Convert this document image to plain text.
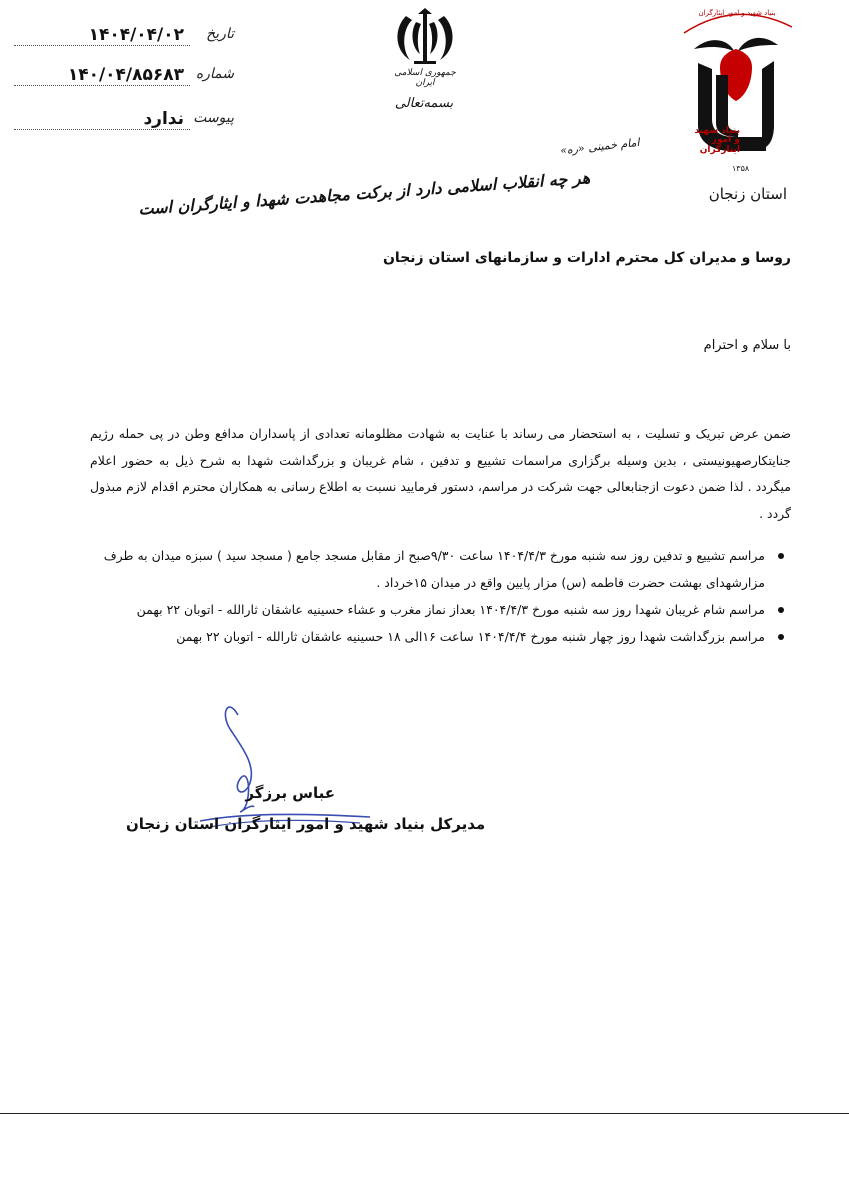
تاریخ
۱۴۰۴/۰۴/۰۲
شماره
۱۴۰/۰۴/۸۵۶۸۳
پیوست
ندارد
جمهوری اسلامی ایران
بسمه‌تعالی
بنیاد شهید و امور ایثارگران
بنیاد شهید و امور ایثارگران
۱۳۵۸
استان زنجان
امام خمینی «ره»
هر چه انقلاب اسلامی دارد از برکت مجاهدت شهدا و ایثارگران است
روسا و مدیران کل محترم ادارات و سازمانهای استان زنجان
با سلام و احترام
ضمن عرض تبریک و تسلیت ، به استحضار می رساند با عنایت به شهادت مظلومانه تعدادی از پاسداران مدافع وطن در پی حمله رژیم جنایتکارصهیونیستی ، بدین وسیله برگزاری مراسمات تشییع و تدفین ، شام غریبان و بزرگداشت شهدا به شرح ذیل به حضور اعلام میگردد . لذا ضمن دعوت ازجنابعالی جهت شرکت در مراسم، دستور فرمایید نسبت به اطلاع رسانی به همکاران محترم اقدام لازم مبذول گردد .
مراسم تشییع و تدفین روز سه شنبه مورخ ۱۴۰۴/۴/۳ ساعت ۹/۳۰صبح از مقابل مسجد جامع ( مسجد سید ) سبزه میدان به طرف مزارشهدای بهشت حضرت فاطمه (س) مزار پایین واقع در میدان ۱۵خرداد .
مراسم شام غریبان شهدا روز سه شنبه مورخ ۱۴۰۴/۴/۳ بعداز نماز مغرب و عشاء حسینیه عاشقان ثارالله - اتوبان ۲۲ بهمن
مراسم بزرگداشت شهدا روز چهار شنبه مورخ ۱۴۰۴/۴/۴ ساعت ۱۶الی ۱۸ حسینیه عاشقان ثارالله - اتوبان ۲۲ بهمن
عباس برزگر
مدیرکل بنیاد شهید و امور ایثارگران استان زنجان
